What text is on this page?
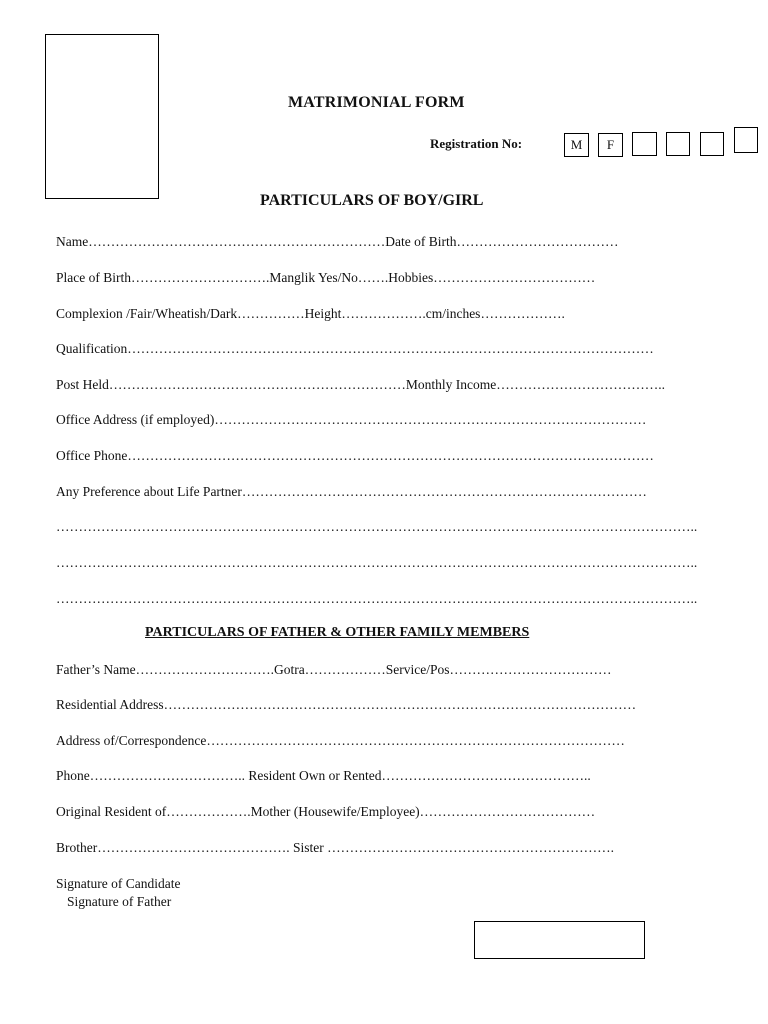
MATRIMONIAL FORM
Registration No:	M	F
PARTICULARS OF BOY/GIRL
Name…………………………………………………………Date of Birth………………………………
Place of Birth………………………….Manglik Yes/No…….Hobbies………………………………
Complexion /Fair/Wheatish/Dark……………Height……………….cm/inches……………….
Qualification………………………………………………………………………………………………………
Post Held…………………………………………………………Monthly Income………………………………..
Office Address (if employed)……………………………………………………………………………………
Office Phone………………………………………………………………………………………………………
Any Preference about Life Partner………………………………………………………………………………
……………………………………………………………………………………………………………………………..
……………………………………………………………………………………………………………………………..
……………………………………………………………………………………………………………………………..
PARTICULARS OF FATHER & OTHER FAMILY MEMBERS
Father’s Name………………………….Gotra………………Service/Pos………………………………
Residential Address……………………………………………………………………………………………
Address of/Correspondence…………………………………………………………………………………
Phone…………………………….. Resident Own or Rented………………………………………..
Original Resident of……………….Mother (Housewife/Employee)…………………………………
Brother……………………………………. Sister ……………………………………………………….
Signature of Candidate
Signature of Father
